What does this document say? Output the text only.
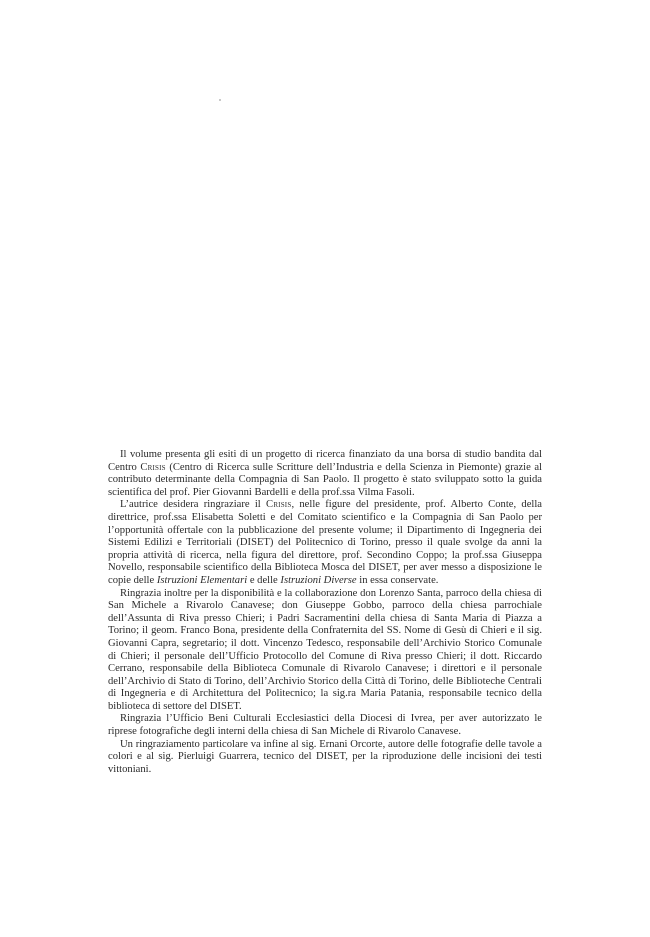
Il volume presenta gli esiti di un progetto di ricerca finanziato da una borsa di studio bandita dal Centro Crisis (Centro di Ricerca sulle Scritture dell’Industria e della Scienza in Piemonte) grazie al contributo determinante della Compagnia di San Paolo. Il progetto è stato sviluppato sotto la guida scientifica del prof. Pier Giovanni Bardelli e della prof.ssa Vilma Fasoli.

L’autrice desidera ringraziare il Crisis, nelle figure del presidente, prof. Alberto Conte, della direttrice, prof.ssa Elisabetta Soletti e del Comitato scientifico e la Compagnia di San Paolo per l’opportunità offertale con la pubblicazione del presente volume; il Dipartimento di Ingegneria dei Sistemi Edilizi e Territoriali (DISET) del Politecnico di Torino, presso il quale svolge da anni la propria attività di ricerca, nella figura del direttore, prof. Secondino Coppo; la prof.ssa Giuseppa Novello, responsabile scientifico della Biblioteca Mosca del DISET, per aver messo a disposizione le copie delle Istruzioni Elementari e delle Istruzioni Diverse in essa conservate.

Ringrazia inoltre per la disponibilità e la collaborazione don Lorenzo Santa, parroco della chiesa di San Michele a Rivarolo Canavese; don Giuseppe Gobbo, parroco della chiesa parrochiale dell’Assunta di Riva presso Chieri; i Padri Sacramentini della chiesa di Santa Maria di Piazza a Torino; il geom. Franco Bona, presidente della Confraternita del SS. Nome di Gesù di Chieri e il sig. Giovanni Capra, segretario; il dott. Vincenzo Tedesco, responsabile dell’Archivio Storico Comunale di Chieri; il personale dell’Ufficio Protocollo del Comune di Riva presso Chieri; il dott. Riccardo Cerrano, responsabile della Biblioteca Comunale di Rivarolo Canavese; i direttori e il personale dell’Archivio di Stato di Torino, dell’Archivio Storico della Città di Torino, delle Biblioteche Centrali di Ingegneria e di Architettura del Politecnico; la sig.ra Maria Patania, responsabile tecnico della biblioteca di settore del DISET.

Ringrazia l’Ufficio Beni Culturali Ecclesiastici della Diocesi di Ivrea, per aver autorizzato le riprese fotografiche degli interni della chiesa di San Michele di Rivarolo Canavese.

Un ringraziamento particolare va infine al sig. Ernani Orcorte, autore delle fotografie delle tavole a colori e al sig. Pierluigi Guarrera, tecnico del DISET, per la riproduzione delle incisioni dei testi vittoniani.
